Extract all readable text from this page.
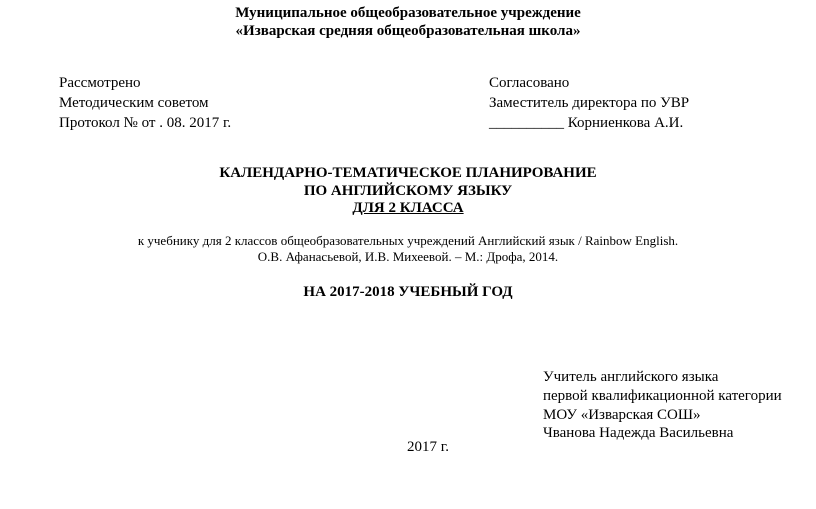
Муниципальное общеобразовательное учреждение
«Изварская средняя общеобразовательная школа»
Рассмотрено
Методическим советом
Протокол № от . 08. 2017 г.
Согласовано
Заместитель директора по УВР
__________ Корниенкова А.И.
КАЛЕНДАРНО-ТЕМАТИЧЕСКОЕ ПЛАНИРОВАНИЕ
ПО АНГЛИЙСКОМУ ЯЗЫКУ
ДЛЯ 2 КЛАССА
к учебнику для 2 классов общеобразовательных учреждений Английский язык / Rainbow English.
О.В. Афанасьевой, И.В. Михеевой. – М.: Дрофа, 2014.
НА 2017-2018 УЧЕБНЫЙ ГОД
Учитель английского языка
первой квалификационной категории
МОУ «Изварская СОШ»
Чванова Надежда Васильевна
2017 г.
